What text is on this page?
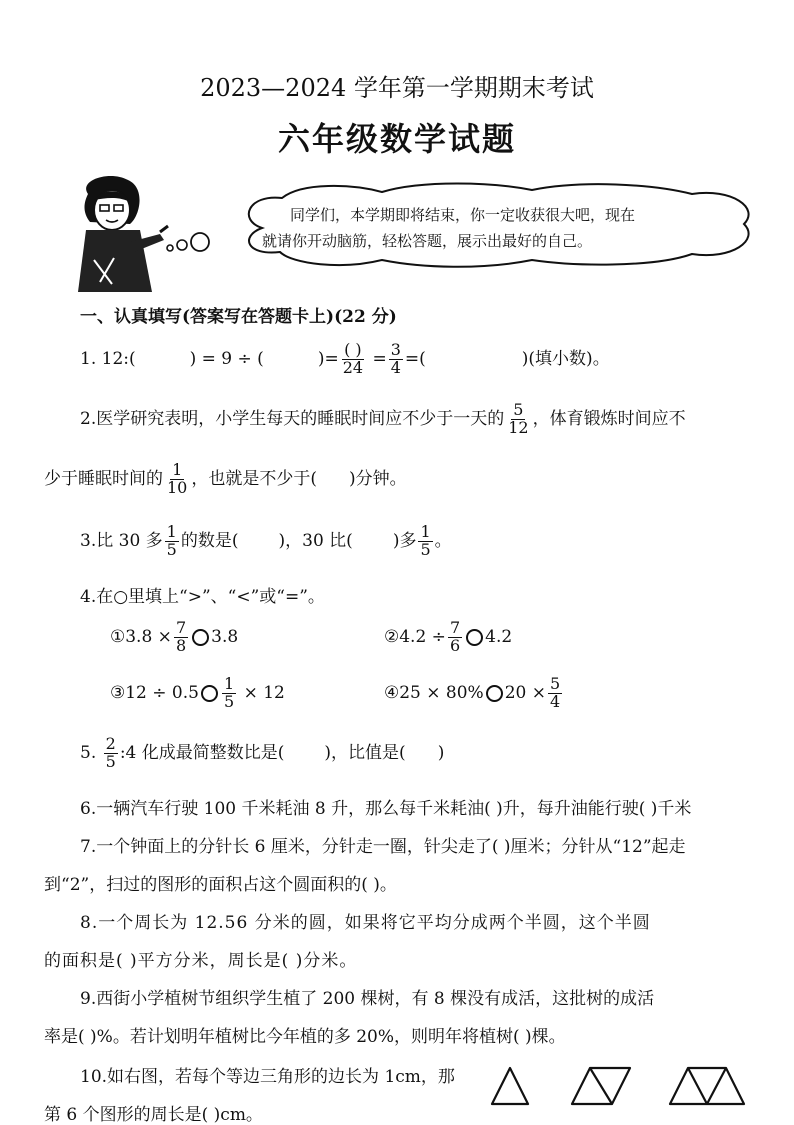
2023—2024 学年第一学期期末考试
六年级数学试题
同学们，本学期即将结束，你一定收获很大吧，现在
就请你开动脑筋，轻松答题，展示出最好的自己。
一、认真填写(答案写在答题卡上)(22 分)
1. 12:(	) = 9 ÷ (	)= $\frac{( )}{24} = \frac{3}{4}$ =(	)(填小数)。
2.医学研究表明，小学生每天的睡眠时间应不少于一天的 $\frac{5}{12}$ ，体育锻炼时间应不
少于睡眠时间的 $\frac{1}{10}$ ，也就是不少于( )分钟。
3.比 30 多 $\frac{1}{5}$ 的数是( )，30 比( )多 $\frac{1}{5}$ 。
4.在○里填上“>”、“<”或“=”。
①3.8 × $\frac{7}{8} 3.8$	②4.2 ÷ $\frac{7}{6} 4.2$
③12 ÷ $0.5 \frac{1}{5} \times 12$	④25 × 80% $20 \times \frac{5}{4}$
5. $\frac{2}{5}$ :4 化成最简整数比是( )，比值是( )
6.一辆汽车行驶 100 千米耗油 8 升，那么每千米耗油( )升，每升油能行驶( )千米
7.一个钟面上的分针长 6 厘米，分针走一圈，针尖走了( )厘米；分针从“12”起走
到“2”，扫过的图形的面积占这个圆面积的( )。
8.一个周长为 12.56 分米的圆，如果将它平均分成两个半圆，这个半圆
的面积是( )平方分米，周长是( )分米。
9.西街小学植树节组织学生植了 200 棵树，有 8 棵没有成活，这批树的成活
率是( )%。若计划明年植树比今年植的多 20%，则明年将植树( )棵。
10.如右图，若每个等边三角形的边长为 1cm，那
第 6 个图形的周长是( )cm。
